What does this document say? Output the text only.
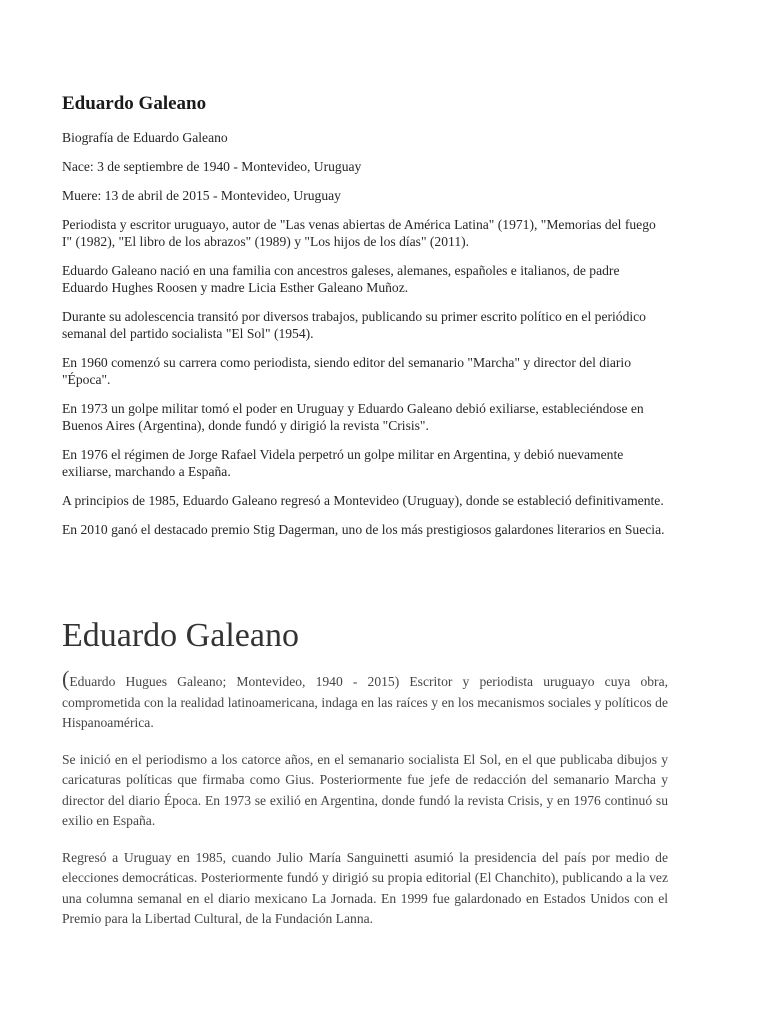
Eduardo Galeano

Biografía de Eduardo Galeano

Nace: 3 de septiembre de 1940 - Montevideo, Uruguay

Muere: 13 de abril de 2015 - Montevideo, Uruguay

Periodista y escritor uruguayo, autor de "Las venas abiertas de América Latina" (1971), "Memorias del fuego I" (1982), "El libro de los abrazos" (1989) y "Los hijos de los días" (2011).

Eduardo Galeano nació en una familia con ancestros galeses, alemanes, españoles e italianos, de padre Eduardo Hughes Roosen y madre Licia Esther Galeano Muñoz.

Durante su adolescencia transitó por diversos trabajos, publicando su primer escrito político en el periódico semanal del partido socialista "El Sol" (1954).

En 1960 comenzó su carrera como periodista, siendo editor del semanario "Marcha" y director del diario "Época".

En 1973 un golpe militar tomó el poder en Uruguay y Eduardo Galeano debió exiliarse, estableciéndose en Buenos Aires (Argentina), donde fundó y dirigió la revista "Crisis".

En 1976 el régimen de Jorge Rafael Videla perpetró un golpe militar en Argentina, y debió nuevamente exiliarse, marchando a España.

A principios de 1985, Eduardo Galeano regresó a Montevideo (Uruguay), donde se estableció definitivamente.

En 2010 ganó el destacado premio Stig Dagerman, uno de los más prestigiosos galardones literarios en Suecia.

Eduardo Galeano

(Eduardo Hugues Galeano; Montevideo, 1940 - 2015) Escritor y periodista uruguayo cuya obra, comprometida con la realidad latinoamericana, indaga en las raíces y en los mecanismos sociales y políticos de Hispanoamérica.

Se inició en el periodismo a los catorce años, en el semanario socialista El Sol, en el que publicaba dibujos y caricaturas políticas que firmaba como Gius. Posteriormente fue jefe de redacción del semanario Marcha y director del diario Época. En 1973 se exilió en Argentina, donde fundó la revista Crisis, y en 1976 continuó su exilio en España.

Regresó a Uruguay en 1985, cuando Julio María Sanguinetti asumió la presidencia del país por medio de elecciones democráticas. Posteriormente fundó y dirigió su propia editorial (El Chanchito), publicando a la vez una columna semanal en el diario mexicano La Jornada. En 1999 fue galardonado en Estados Unidos con el Premio para la Libertad Cultural, de la Fundación Lanna.
